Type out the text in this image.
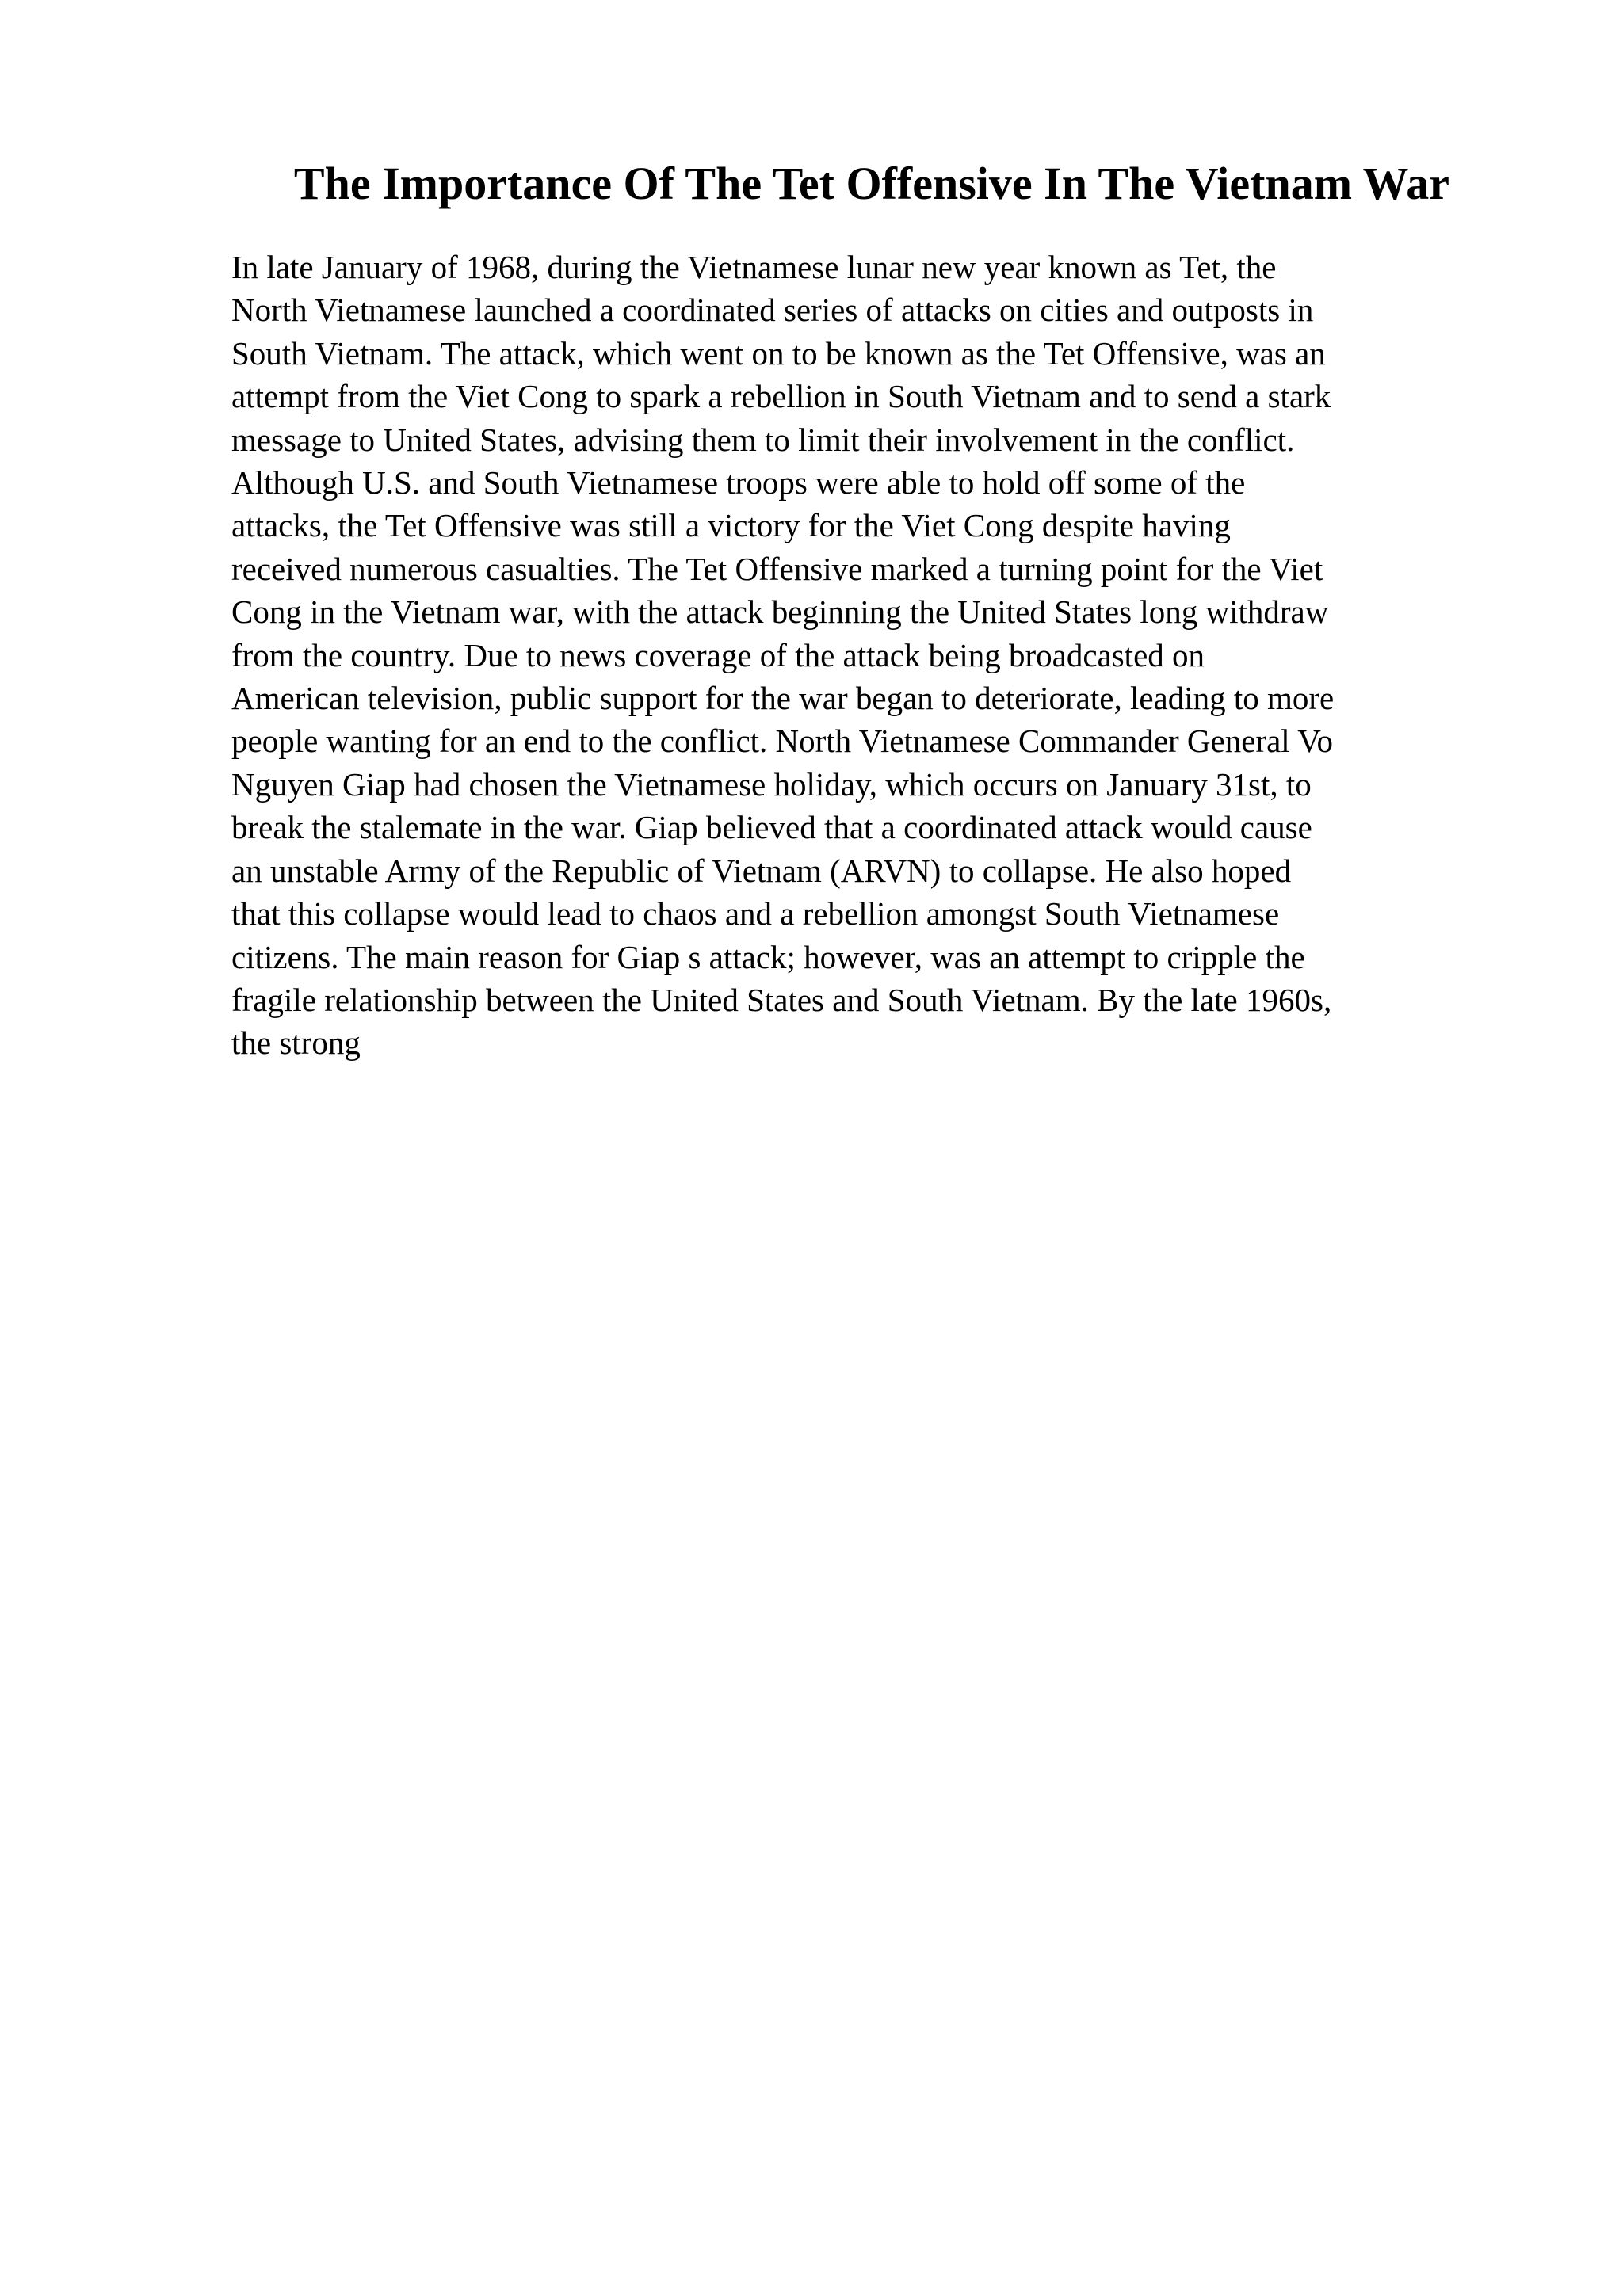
The Importance Of The Tet Offensive In The Vietnam War
In late January of 1968, during the Vietnamese lunar new year known as Tet, the
North Vietnamese launched a coordinated series of attacks on cities and outposts in
South Vietnam. The attack, which went on to be known as the Tet Offensive, was an
attempt from the Viet Cong to spark a rebellion in South Vietnam and to send a stark
message to United States, advising them to limit their involvement in the conflict.
Although U.S. and South Vietnamese troops were able to hold off some of the
attacks, the Tet Offensive was still a victory for the Viet Cong despite having
received numerous casualties. The Tet Offensive marked a turning point for the Viet
Cong in the Vietnam war, with the attack beginning the United States long withdraw
from the country. Due to news coverage of the attack being broadcasted on
American television, public support for the war began to deteriorate, leading to more
people wanting for an end to the conflict. North Vietnamese Commander General Vo
Nguyen Giap had chosen the Vietnamese holiday, which occurs on January 31st, to
break the stalemate in the war. Giap believed that a coordinated attack would cause
an unstable Army of the Republic of Vietnam (ARVN) to collapse. He also hoped
that this collapse would lead to chaos and a rebellion amongst South Vietnamese
citizens. The main reason for Giap s attack; however, was an attempt to cripple the
fragile relationship between the United States and South Vietnam. By the late 1960s,
the strong
